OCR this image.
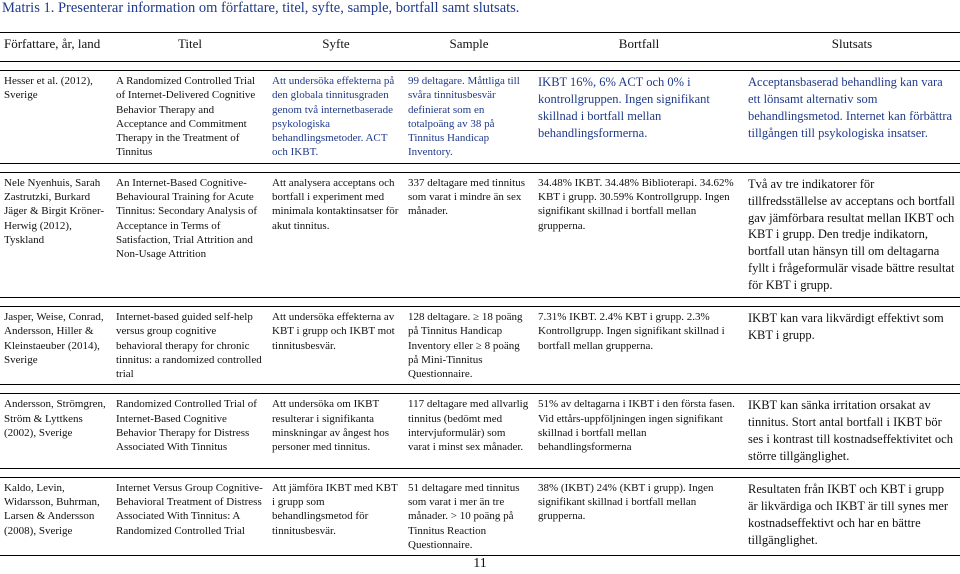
Matris 1. Presenterar information om författare, titel, syfte, sample, bortfall samt slutsats.
Författare, år, land	Titel	Syfte	Sample	Bortfall	Slutsats

Hesser et al. (2012), Sverige	A Randomized Controlled Trial of Internet-Delivered Cognitive Behavior Therapy and Acceptance and Commitment Therapy in the Treatment of Tinnitus	Att undersöka effekterna på den globala tinnitusgraden genom två internetbaserade psykologiska behandlingsmetoder. ACT och IKBT.	99 deltagare. Måttliga till svåra tinnitusbesvär definierat som en totalpoäng av 38 på Tinnitus Handicap Inventory.	IKBT 16%, 6% ACT och 0% i kontrollgruppen. Ingen signifikant skillnad i bortfall mellan behandlingsformerna.	Acceptansbaserad behandling kan vara ett lönsamt alternativ som behandlingsmetod. Internet kan förbättra tillgången till psykologiska insatser.

Nele Nyenhuis, Sarah Zastrutzki, Burkard Jäger & Birgit Kröner-Herwig (2012), Tyskland	An Internet-Based Cognitive-Behavioural Training for Acute Tinnitus: Secondary Analysis of Acceptance in Terms of Satisfaction, Trial Attrition and Non-Usage Attrition	Att analysera acceptans och bortfall i experiment med minimala kontaktinsatser för akut tinnitus.	337 deltagare med tinnitus som varat i mindre än sex månader.	34.48% IKBT. 34.48% Biblioterapi. 34.62% KBT i grupp. 30.59% Kontrollgrupp. Ingen signifikant skillnad i bortfall mellan grupperna.	Två av tre indikatorer för tillfredsställelse av acceptans och bortfall gav jämförbara resultat mellan IKBT och KBT i grupp. Den tredje indikatorn, bortfall utan hänsyn till om deltagarna fyllt i frågeformulär visade bättre resultat för KBT i grupp.

Jasper, Weise, Conrad, Andersson, Hiller & Kleinstaeuber (2014), Sverige	Internet-based guided self-help versus group cognitive behavioral therapy for chronic tinnitus: a randomized controlled trial	Att undersöka effekterna av KBT i grupp och IKBT mot tinnitusbesvär.	128 deltagare. ≥ 18 poäng på Tinnitus Handicap Inventory eller ≥ 8 poäng på Mini-Tinnitus Questionnaire.	7.31% IKBT. 2.4% KBT i grupp. 2.3% Kontrollgrupp. Ingen signifikant skillnad i bortfall mellan grupperna.	IKBT kan vara likvärdigt effektivt som KBT i grupp.

Andersson, Strömgren, Ström & Lyttkens (2002), Sverige	Randomized Controlled Trial of Internet-Based Cognitive Behavior Therapy for Distress Associated With Tinnitus	Att undersöka om IKBT resulterar i signifikanta minskningar av ångest hos personer med tinnitus.	117 deltagare med allvarlig tinnitus (bedömt med intervjuformulär) som varat i minst sex månader.	51% av deltagarna i IKBT i den första fasen. Vid ettårs-uppföljningen ingen signifikant skillnad i bortfall mellan behandlingsformerna	IKBT kan sänka irritation orsakat av tinnitus. Stort antal bortfall i IKBT bör ses i kontrast till kostnadseffektivitet och större tillgänglighet.

Kaldo, Levin, Widarsson, Buhrman, Larsen & Andersson (2008), Sverige	Internet Versus Group Cognitive-Behavioral Treatment of Distress Associated With Tinnitus: A Randomized Controlled Trial	Att jämföra IKBT med KBT i grupp som behandlingsmetod för tinnitusbesvär.	51 deltagare med tinnitus som varat i mer än tre månader. > 10 poäng på Tinnitus Reaction Questionnaire.	38% (IKBT) 24% (KBT i grupp). Ingen signifikant skillnad i bortfall mellan grupperna.	Resultaten från IKBT och KBT i grupp är likvärdiga och IKBT är till synes mer kostnadseffektivt och har en bättre tillgänglighet.
11
